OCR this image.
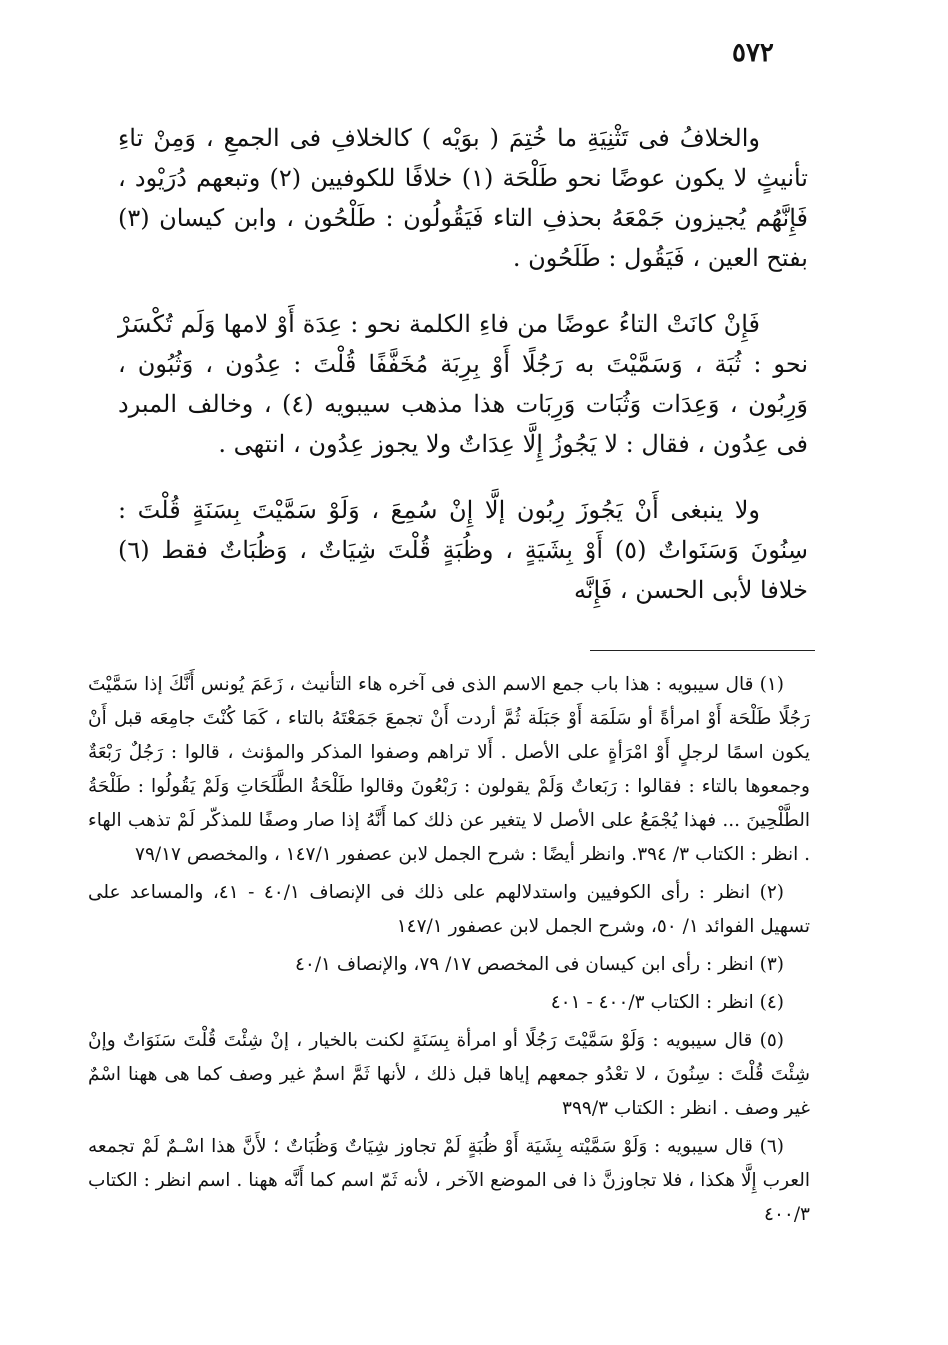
٥٧٢

والخلافُ فى تَثْنِيَةِ ما خُتِمَ ( بوَيْه ) كالخلافِ فى الجمعِ ، وَمِنْ تاءِ تأنيثٍ لا يكون عوضًا نحو طَلْحَة (١) خلافًا للكوفيين (٢) وتبعهم دُرَيْود ، فَإِنَّهُم يُجيزون جَمْعَهُ بحذفِ التاء فَيَقُولُون : طَلْحُون ، وابن كيسان (٣) بفتح العين ، فَيَقُول : طَلَحُون .

فَإِنْ كانَتْ التاءُ عوضًا من فاءِ الكلمة نحو : عِدَة أَوْ لامها وَلَم تُكْسَرْ نحو : ثُبَة ، وَسَمَّيْتَ به رَجُلًا أَوْ بِرِبَة مُخَفَّفًا قُلْتَ : عِدُون ، وَثُبُون ، وَرِبُون ، وَعِدَات وَثُبَات وَرِبَات هذا مذهب سيبويه (٤) ، وخالف المبرد فى عِدُون ، فقال : لا يَجُوزُ إِلَّا عِدَاتٌ ولا يجوز عِدُون ، انتهى .

ولا ينبغى أَنْ يَجُوزَ رِبُون إلَّا إِنْ سُمِعَ ، وَلَوْ سَمَّيْتَ بِسَنَةٍ قُلْتَ : سِنُونَ وَسَنَواتٌ (٥) أَوْ بِشَيَةٍ ، وظُبَةٍ قُلْتَ شِيَاتٌ ، وَظُبَاتٌ فقط (٦) خلافا لأبى الحسن ، فَإِنَّه

(١) قال سيبويه : هذا باب جمع الاسم الذى فى آخره هاء التأنيث ، زَعَمَ يُونس أَنَّكَ إذا سَمَّيْتَ رَجُلًا طَلْحَة أَوْ امرأةً أو سَلَمَة أَوْ جَبَلَة ثُمَّ أردت أَنْ تجمعَ جَمَعْتَهُ بالتاء ، كَمَا كُنْتَ جامِعَه قبل أَنْ يكون اسمًا لرجلٍ أَوْ امْرَأةٍ على الأصل . أَلا تراهم وصفوا المذكر والمؤنث ، قالوا : رَجُلٌ رَبْعَةٌ وجمعوها بالتاء : فقالوا : رَبَعاتٌ وَلَمْ يقولون : رَبْعُونَ وقالوا طَلْحَةُ الطَّلَحَاتِ وَلَمْ يَقُولُوا : طَلْحَةُ الطَّلْحِينَ ... فهذا يُجْمَعُ على الأصل لا يتغير عن ذلك كما أَنَّهُ إذا صار وصفًا للمذكّر لَمْ تذهب الهاء . انظر : الكتاب ٣/ ٣٩٤. وانظر أيضًا : شرح الجمل لابن عصفور ١٤٧/١ ، والمخصص ٧٩/١٧

(٢) انظر : رأى الكوفيين واستدلالهم على ذلك فى الإنصاف ٤٠/١ - ٤١، والمساعد على تسهيل الفوائد ١/ ٥٠، وشرح الجمل لابن عصفور ١٤٧/١

(٣) انظر : رأى ابن كيسان فى المخصص ١٧/ ٧٩، والإنصاف ٤٠/١

(٤) انظر : الكتاب ٤٠٠/٣ - ٤٠١

(٥) قال سيبويه : وَلَوْ سَمَّيْتَ رَجُلًا أو امرأة بِسَنَةٍ لكنت بالخيار ، إنْ شِئْتَ قُلْتَ سَنَوَاتٌ وإنْ شِئْتَ قُلْتَ : سِنُونَ ، لا تعْدُو جمعهم إياها قبل ذلك ، لأنها ثَمَّ اسمٌ غير وصف كما هى ههنا اسْمٌ غير وصف . انظر : الكتاب ٣٩٩/٣

(٦) قال سيبويه : وَلَوْ سَمَّيْته بِشَيَة أَوْ ظُبَةٍ لَمْ تجاوز شِيَاتٌ وَظُبَاتٌ ؛ لأَنَّ هذا اسْـمٌ لَمْ تجمعه العرب إِلَّا هكذا ، فلا تجاوزنَّ ذا فى الموضع الآخر ، لأنه ثَمّ اسم كما أَنَّه ههنا . اسم انظر : الكتاب ٤٠٠/٣
